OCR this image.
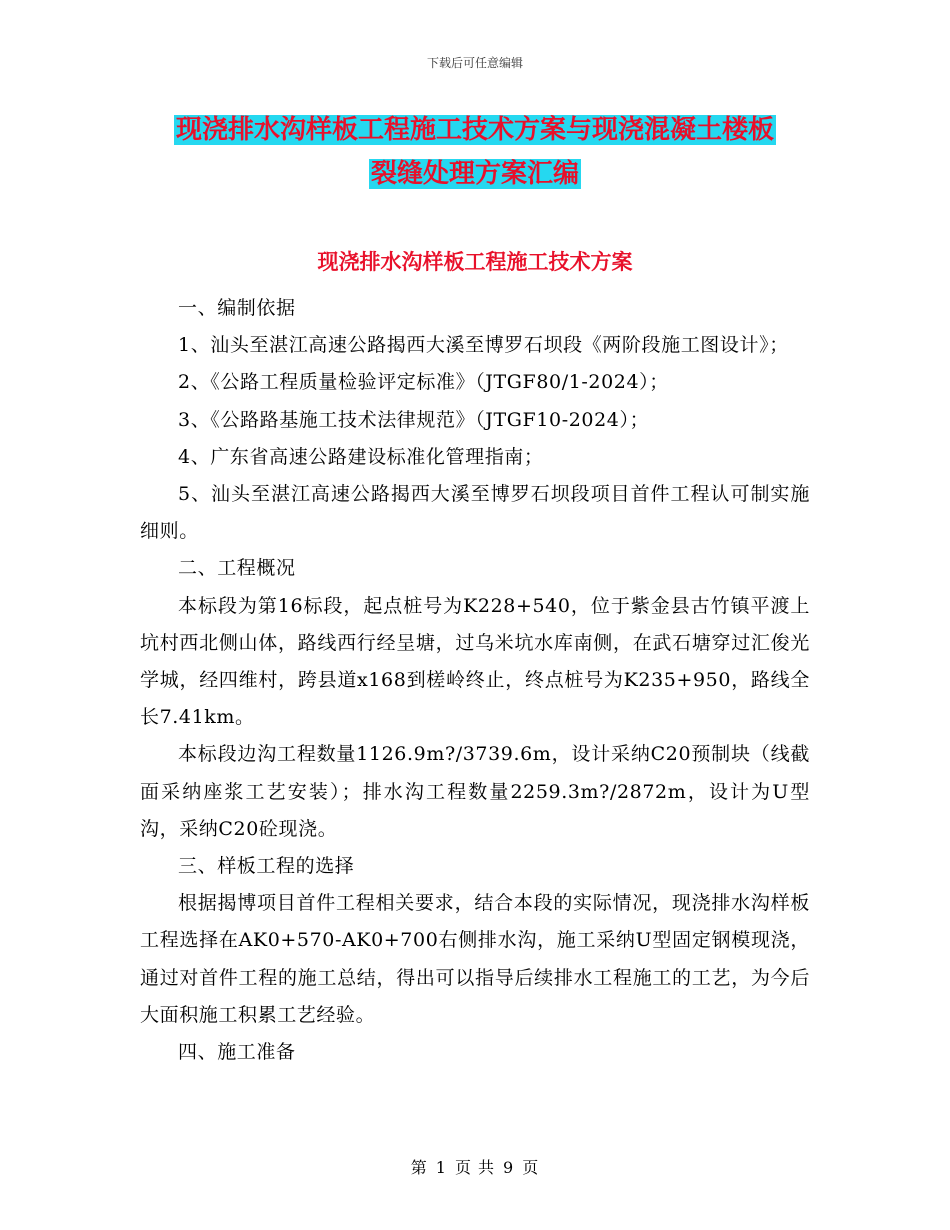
下载后可任意编辑
现浇排水沟样板工程施工技术方案与现浇混凝土楼板
裂缝处理方案汇编
现浇排水沟样板工程施工技术方案

一、编制依据

1、汕头至湛江高速公路揭西大溪至博罗石坝段《两阶段施工图设计》；

2、《公路工程质量检验评定标准》（JTGF80/1-2024）；

3、《公路路基施工技术法律规范》（JTGF10-2024）；

4、广东省高速公路建设标准化管理指南；

5、汕头至湛江高速公路揭西大溪至博罗石坝段项目首件工程认可制实施细则。

二、工程概况

本标段为第16标段，起点桩号为K228+540，位于紫金县古竹镇平渡上坑村西北侧山体，路线西行经呈塘，过乌米坑水库南侧，在武石塘穿过汇俊光学城，经四维村，跨县道x168到槎岭终止，终点桩号为K235+950，路线全长7.41km。

本标段边沟工程数量1126.9m?/3739.6m，设计采纳C20预制块（线截面采纳座浆工艺安装）；排水沟工程数量2259.3m?/2872m，设计为U型沟，采纳C20砼现浇。

三、样板工程的选择

根据揭博项目首件工程相关要求，结合本段的实际情况，现浇排水沟样板工程选择在AK0+570-AK0+700右侧排水沟，施工采纳U型固定钢模现浇，通过对首件工程的施工总结，得出可以指导后续排水工程施工的工艺，为今后大面积施工积累工艺经验。

四、施工准备

第 1 页 共 9 页
